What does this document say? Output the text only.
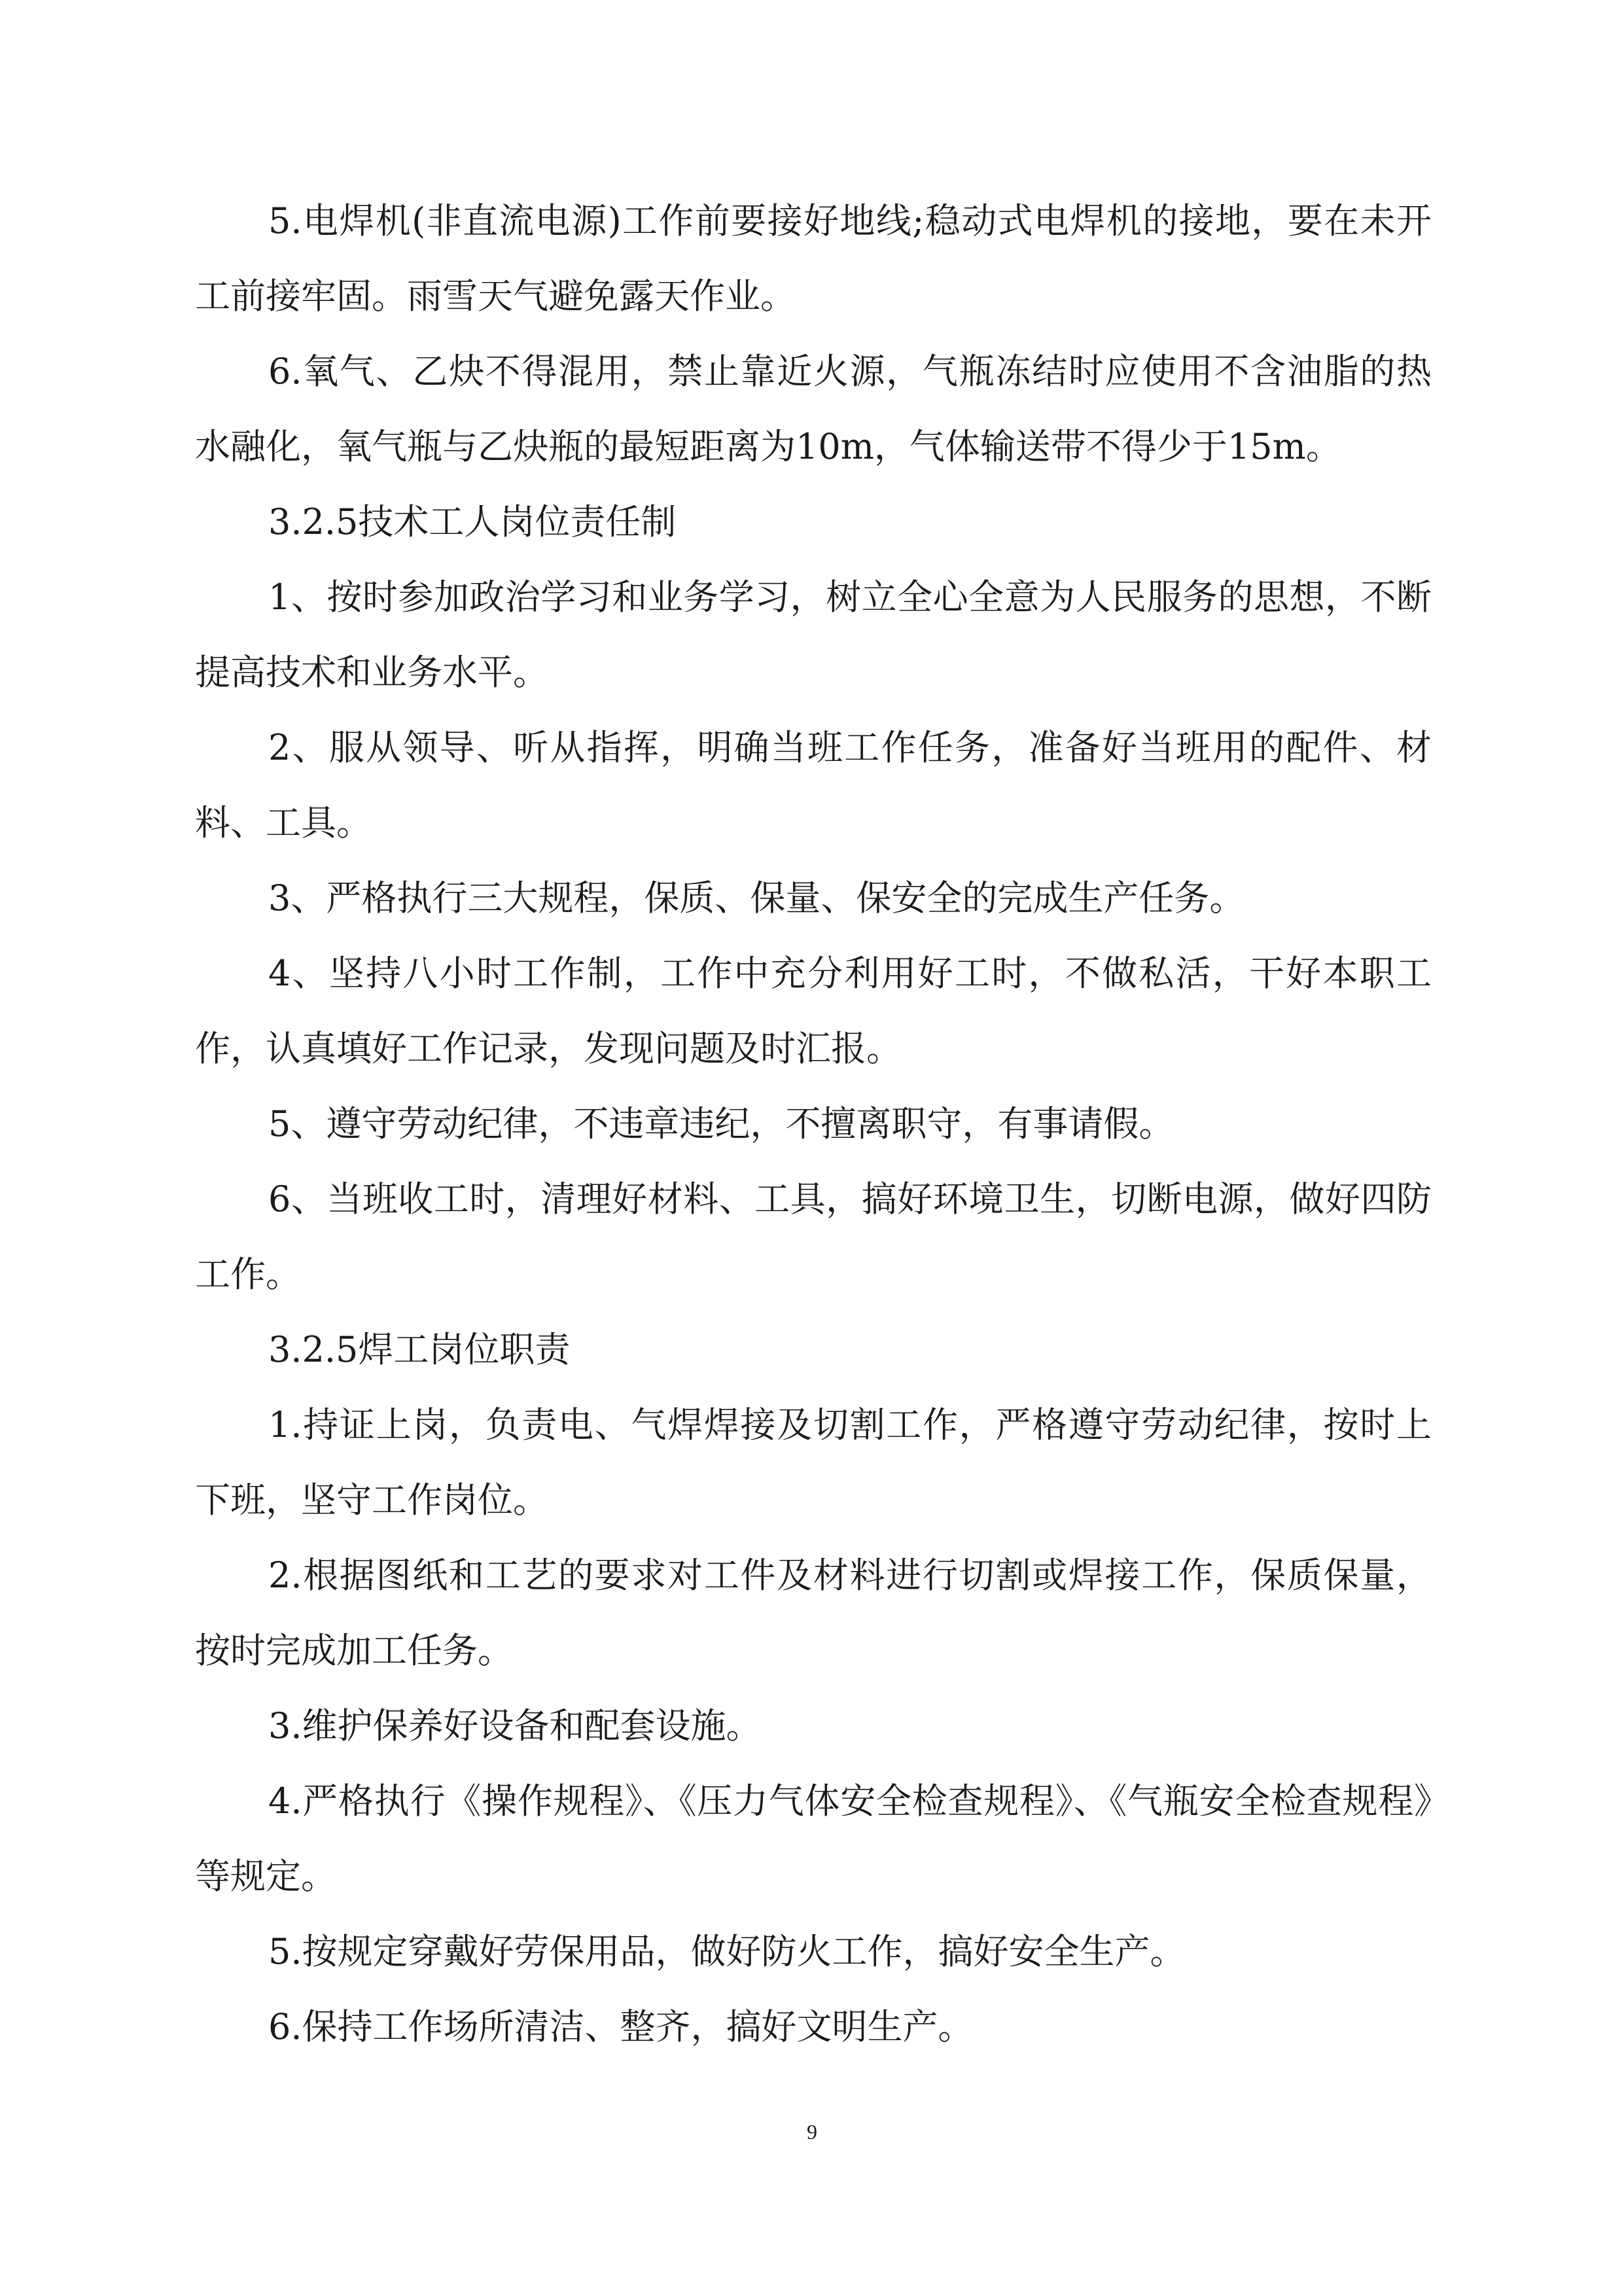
5.电焊机(非直流电源)工作前要接好地线;稳动式电焊机的接地，要在未开工前接牢固。雨雪天气避免露天作业。

6.氧气、乙炔不得混用，禁止靠近火源，气瓶冻结时应使用不含油脂的热水融化，氧气瓶与乙炔瓶的最短距离为10m，气体输送带不得少于15m。

3.2.5技术工人岗位责任制

1、按时参加政治学习和业务学习，树立全心全意为人民服务的思想，不断提高技术和业务水平。

2、服从领导、听从指挥，明确当班工作任务，准备好当班用的配件、材料、工具。

3、严格执行三大规程，保质、保量、保安全的完成生产任务。

4、坚持八小时工作制，工作中充分利用好工时，不做私活，干好本职工作，认真填好工作记录，发现问题及时汇报。

5、遵守劳动纪律，不违章违纪，不擅离职守，有事请假。

6、当班收工时，清理好材料、工具，搞好环境卫生，切断电源，做好四防工作。

3.2.5焊工岗位职责

1.持证上岗，负责电、气焊焊接及切割工作，严格遵守劳动纪律，按时上下班，坚守工作岗位。

2.根据图纸和工艺的要求对工件及材料进行切割或焊接工作，保质保量，按时完成加工任务。

3.维护保养好设备和配套设施。

4.严格执行《操作规程》、《压力气体安全检查规程》、《气瓶安全检查规程》等规定。

5.按规定穿戴好劳保用品，做好防火工作，搞好安全生产。

6.保持工作场所清洁、整齐，搞好文明生产。

9
